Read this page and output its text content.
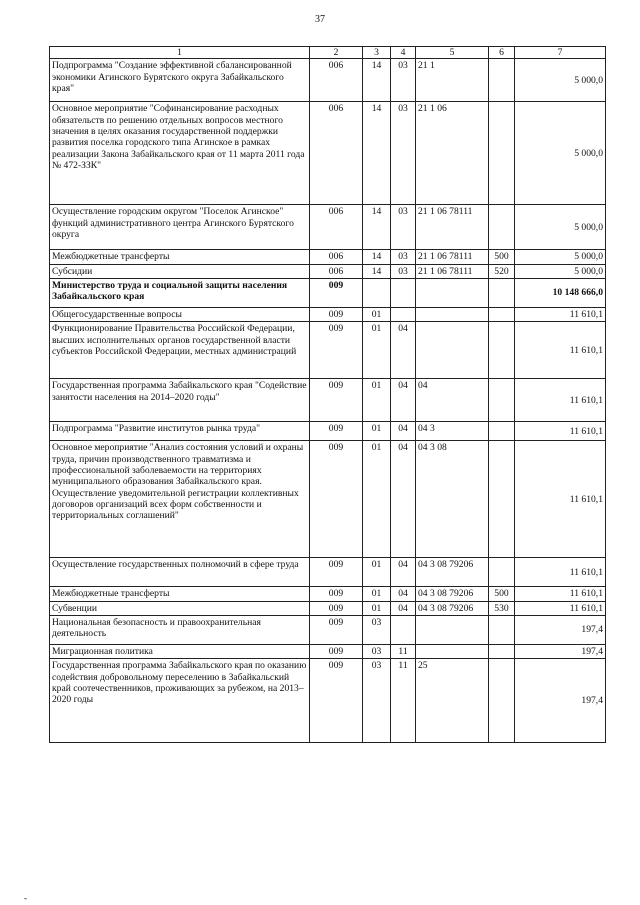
37
1	2	3	4	5	6	7
Подпрограмма "Создание эффективной сбалансированной экономики Агинского Бурятского округа Забайкальского края"	006	14	03	21 1		5 000,0
Основное мероприятие "Софинансирование расходных обязательств по решению отдельных вопросов местного значения в целях оказания государственной поддержки развития поселка городского типа Агинское в рамках реализации Закона Забайкальского края от 11 марта 2011 года № 472-ЗЗК"	006	14	03	21 1 06		5 000,0
Осуществление городским округом "Поселок Агинское" функций административного центра Агинского Бурятского округа	006	14	03	21 1 06 78111		5 000,0
Межбюджетные трансферты	006	14	03	21 1 06 78111	500	5 000,0
Субсидии	006	14	03	21 1 06 78111	520	5 000,0
Министерство труда и социальной защиты населения Забайкальского края	009					10 148 666,0
Общегосударственные вопросы	009	01				11 610,1
Функционирование Правительства Российской Федерации, высших исполнительных органов государственной власти субъектов Российской Федерации, местных администраций	009	01	04			11 610,1
Государственная программа Забайкальского края "Содействие занятости населения на 2014–2020 годы"	009	01	04	04		11 610,1
Подпрограмма "Развитие институтов рынка труда"	009	01	04	04 3		11 610,1
Основное мероприятие "Анализ состояния условий и охраны труда, причин производственного травматизма и профессиональной заболеваемости на территориях муниципального образования Забайкальского края. Осуществление уведомительной регистрации коллективных договоров организаций всех форм собственности и территориальных соглашений"	009	01	04	04 3 08		11 610,1
Осуществление государственных полномочий в сфере труда	009	01	04	04 3 08 79206		11 610,1
Межбюджетные трансферты	009	01	04	04 3 08 79206	500	11 610,1
Субвенции	009	01	04	04 3 08 79206	530	11 610,1
Национальная безопасность и правоохранительная деятельность	009	03				197,4
Миграционная политика	009	03	11			197,4
Государственная программа Забайкальского края по оказанию содействия добровольному переселению в Забайкальский край соотечественников, проживающих за рубежом, на 2013–2020 годы	009	03	11	25		197,4
-
